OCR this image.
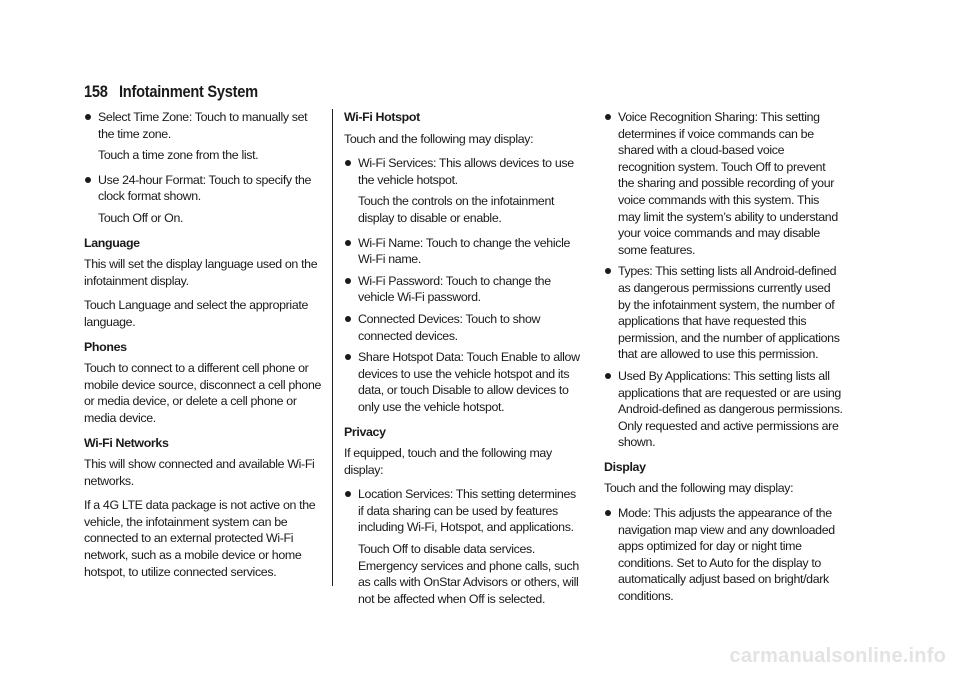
158 Infotainment System
Select Time Zone: Touch to manually set the time zone.

Touch a time zone from the list.

Use 24-hour Format: Touch to specify the clock format shown.

Touch Off or On.

Language

This will set the display language used on the infotainment display.

Touch Language and select the appropriate language.

Phones

Touch to connect to a different cell phone or mobile device source, disconnect a cell phone or media device, or delete a cell phone or media device.

Wi-Fi Networks

This will show connected and available Wi-Fi networks.

If a 4G LTE data package is not active on the vehicle, the infotainment system can be connected to an external protected Wi-Fi network, such as a mobile device or home hotspot, to utilize connected services.

Wi-Fi Hotspot

Touch and the following may display:

Wi-Fi Services: This allows devices to use the vehicle hotspot.

Touch the controls on the infotainment display to disable or enable.

Wi-Fi Name: Touch to change the vehicle Wi-Fi name.
Wi-Fi Password: Touch to change the vehicle Wi-Fi password.
Connected Devices: Touch to show connected devices.
Share Hotspot Data: Touch Enable to allow devices to use the vehicle hotspot and its data, or touch Disable to allow devices to only use the vehicle hotspot.
Privacy

If equipped, touch and the following may display:

Location Services: This setting determines if data sharing can be used by features including Wi-Fi, Hotspot, and applications.

Touch Off to disable data services. Emergency services and phone calls, such as calls with OnStar Advisors or others, will not be affected when Off is selected.

Voice Recognition Sharing: This setting determines if voice commands can be shared with a cloud-based voice recognition system. Touch Off to prevent the sharing and possible recording of your voice commands with this system. This may limit the system’s ability to understand your voice commands and may disable some features.
Types: This setting lists all Android-defined as dangerous permissions currently used by the infotainment system, the number of applications that have requested this permission, and the number of applications that are allowed to use this permission.
Used By Applications: This setting lists all applications that are requested or are using Android-defined as dangerous permissions. Only requested and active permissions are shown.
Display

Touch and the following may display:

Mode: This adjusts the appearance of the navigation map view and any downloaded apps optimized for day or night time conditions. Set to Auto for the display to automatically adjust based on bright/dark conditions.
carmanualsonline.info
